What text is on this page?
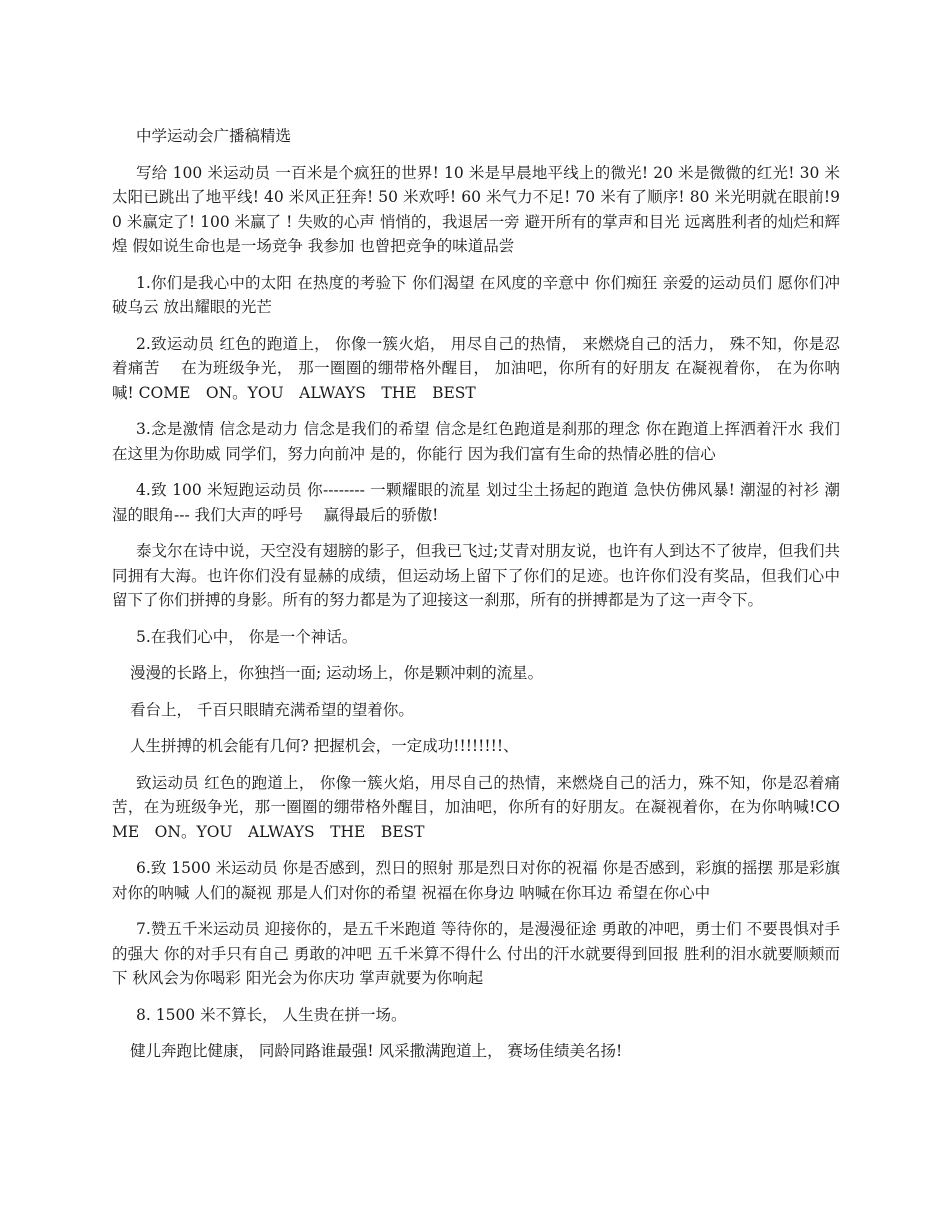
中学运动会广播稿精选

写给 100 米运动员 一百米是个疯狂的世界! 10 米是早晨地平线上的微光! 20 米是微微的红光! 30 米太阳已跳出了地平线! 40 米风正狂奔! 50 米欢呼! 60 米气力不足! 70 米有了顺序! 80 米光明就在眼前!90 米赢定了! 100 米赢了 ! 失败的心声 悄悄的，我退居一旁 避开所有的掌声和目光 远离胜利者的灿烂和辉煌 假如说生命也是一场竞争 我参加 也曾把竞争的味道品尝

1.你们是我心中的太阳 在热度的考验下 你们渴望 在风度的辛意中 你们痴狂 亲爱的运动员们 愿你们冲破乌云 放出耀眼的光芒

2.致运动员 红色的跑道上， 你像一簇火焰， 用尽自己的热情， 来燃烧自己的活力， 殊不知，你是忍着痛苦　 在为班级争光， 那一圈圈的绷带格外醒目， 加油吧，你所有的好朋友 在凝视着你， 在为你呐喊! COME　ON。YOU　ALWAYS　THE　BEST

3.念是激情 信念是动力 信念是我们的希望 信念是红色跑道是刹那的理念 你在跑道上挥洒着汗水 我们在这里为你助威 同学们，努力向前冲 是的，你能行 因为我们富有生命的热情必胜的信心

4.致 100 米短跑运动员 你-------- 一颗耀眼的流星 划过尘土扬起的跑道 急快仿佛风暴! 潮湿的衬衫 潮湿的眼角--- 我们大声的呼号　 赢得最后的骄傲!

泰戈尔在诗中说，天空没有翅膀的影子，但我已飞过;艾青对朋友说，也许有人到达不了彼岸，但我们共同拥有大海。也许你们没有显赫的成绩，但运动场上留下了你们的足迹。也许你们没有奖品，但我们心中留下了你们拼搏的身影。所有的努力都是为了迎接这一刹那，所有的拼搏都是为了这一声令下。

5.在我们心中， 你是一个神话。

漫漫的长路上，你独挡一面; 运动场上，你是颗冲刺的流星。

看台上， 千百只眼睛充满希望的望着你。

人生拼搏的机会能有几何? 把握机会，一定成功!!!!!!!!、

致运动员 红色的跑道上， 你像一簇火焰，用尽自己的热情，来燃烧自己的活力，殊不知，你是忍着痛苦，在为班级争光，那一圈圈的绷带格外醒目，加油吧，你所有的好朋友。在凝视着你，在为你呐喊!COME　ON。YOU　ALWAYS　THE　BEST

6.致 1500 米运动员 你是否感到，烈日的照射 那是烈日对你的祝福 你是否感到，彩旗的摇摆 那是彩旗对你的呐喊 人们的凝视 那是人们对你的希望 祝福在你身边 呐喊在你耳边 希望在你心中

7.赞五千米运动员 迎接你的，是五千米跑道 等待你的，是漫漫征途 勇敢的冲吧，勇士们 不要畏惧对手的强大 你的对手只有自己 勇敢的冲吧 五千米算不得什么 付出的汗水就要得到回报 胜利的泪水就要顺颊而下 秋风会为你喝彩 阳光会为你庆功 掌声就要为你响起

8. 1500 米不算长， 人生贵在拼一场。

健儿奔跑比健康， 同龄同路谁最强! 风采撒满跑道上， 赛场佳绩美名扬!
